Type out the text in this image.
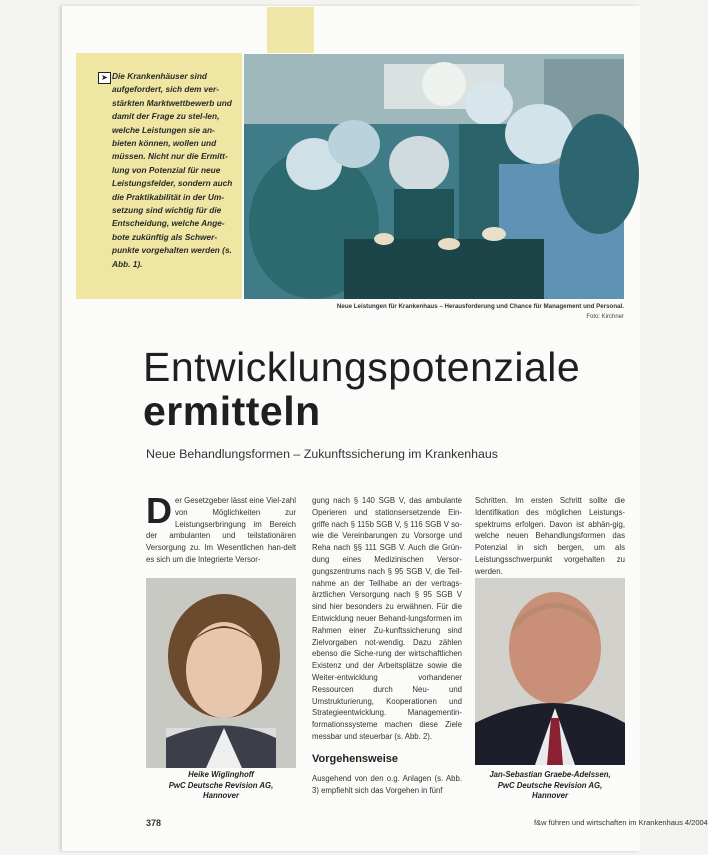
➤ Die Krankenhäuser sind aufgefordert, sich dem ver-stärkten Marktwettbewerb und damit der Frage zu stel-len, welche Leistungen sie an-bieten können, wollen und müssen. Nicht nur die Ermitt-lung von Potenzial für neue Leistungsfelder, sondern auch die Praktikabilität in der Um-setzung sind wichtig für die Entscheidung, welche Ange-bote zukünftig als Schwer-punkte vorgehalten werden (s. Abb. 1).
Neue Leistungen für Krankenhaus – Herausforderung und Chance für Management und Personal.
Foto: Kirchner
Entwicklungspotenziale
ermitteln
Neue Behandlungsformen – Zukunftssicherung im Krankenhaus
D er Gesetzgeber lässt eine Viel-zahl von Möglichkeiten zur Leistungserbringung im Bereich der ambulanten und teilstationären Versorgung zu. Im Wesentlichen han-delt es sich um die Integrierte Versor-
gung nach § 140 SGB V, das ambulante Operieren und stationsersetzende Ein-griffe nach § 115b SGB V, § 116 SGB V so-wie die Vereinbarungen zu Vorsorge und Reha nach §§ 111 SGB V. Auch die Grün-dung eines Medizinischen Versor-gungszentrums nach § 95 SGB V, die Teil-nahme an der Teilhabe an der vertrags-ärztlichen Versorgung nach § 95 SGB V sind hier besonders zu erwähnen. Für die Entwicklung neuer Behand-lungsformen im Rahmen einer Zu-kunftssicherung sind Zielvorgaben not-wendig. Dazu zählen ebenso die Siche-rung der wirtschaftlichen Existenz und der Arbeitsplätze sowie die Weiter-entwicklung vorhandener Ressourcen durch Neu- und Umstrukturierung, Kooperationen und Strategieentwicklung. Managementin-formationssysteme machen diese Ziele messbar und steuerbar (s. Abb. 2).
Vorgehensweise
Ausgehend von den o.g. Anlagen (s. Abb. 3) empfiehlt sich das Vorgehen in fünf
Schritten. Im ersten Schritt sollte die Identifikation des möglichen Leistungs-spektrums erfolgen. Davon ist abhän-gig, welche neuen Behandlungsformen das Potenzial in sich bergen, um als Leistungsschwerpunkt vorgehalten zu werden.
Heike Wiglinghoff
PwC Deutsche Revision AG,
Hannover
Jan-Sebastian Graebe-Adelssen,
PwC Deutsche Revision AG,
Hannover
378	f&w führen und wirtschaften im Krankenhaus 4/2004
